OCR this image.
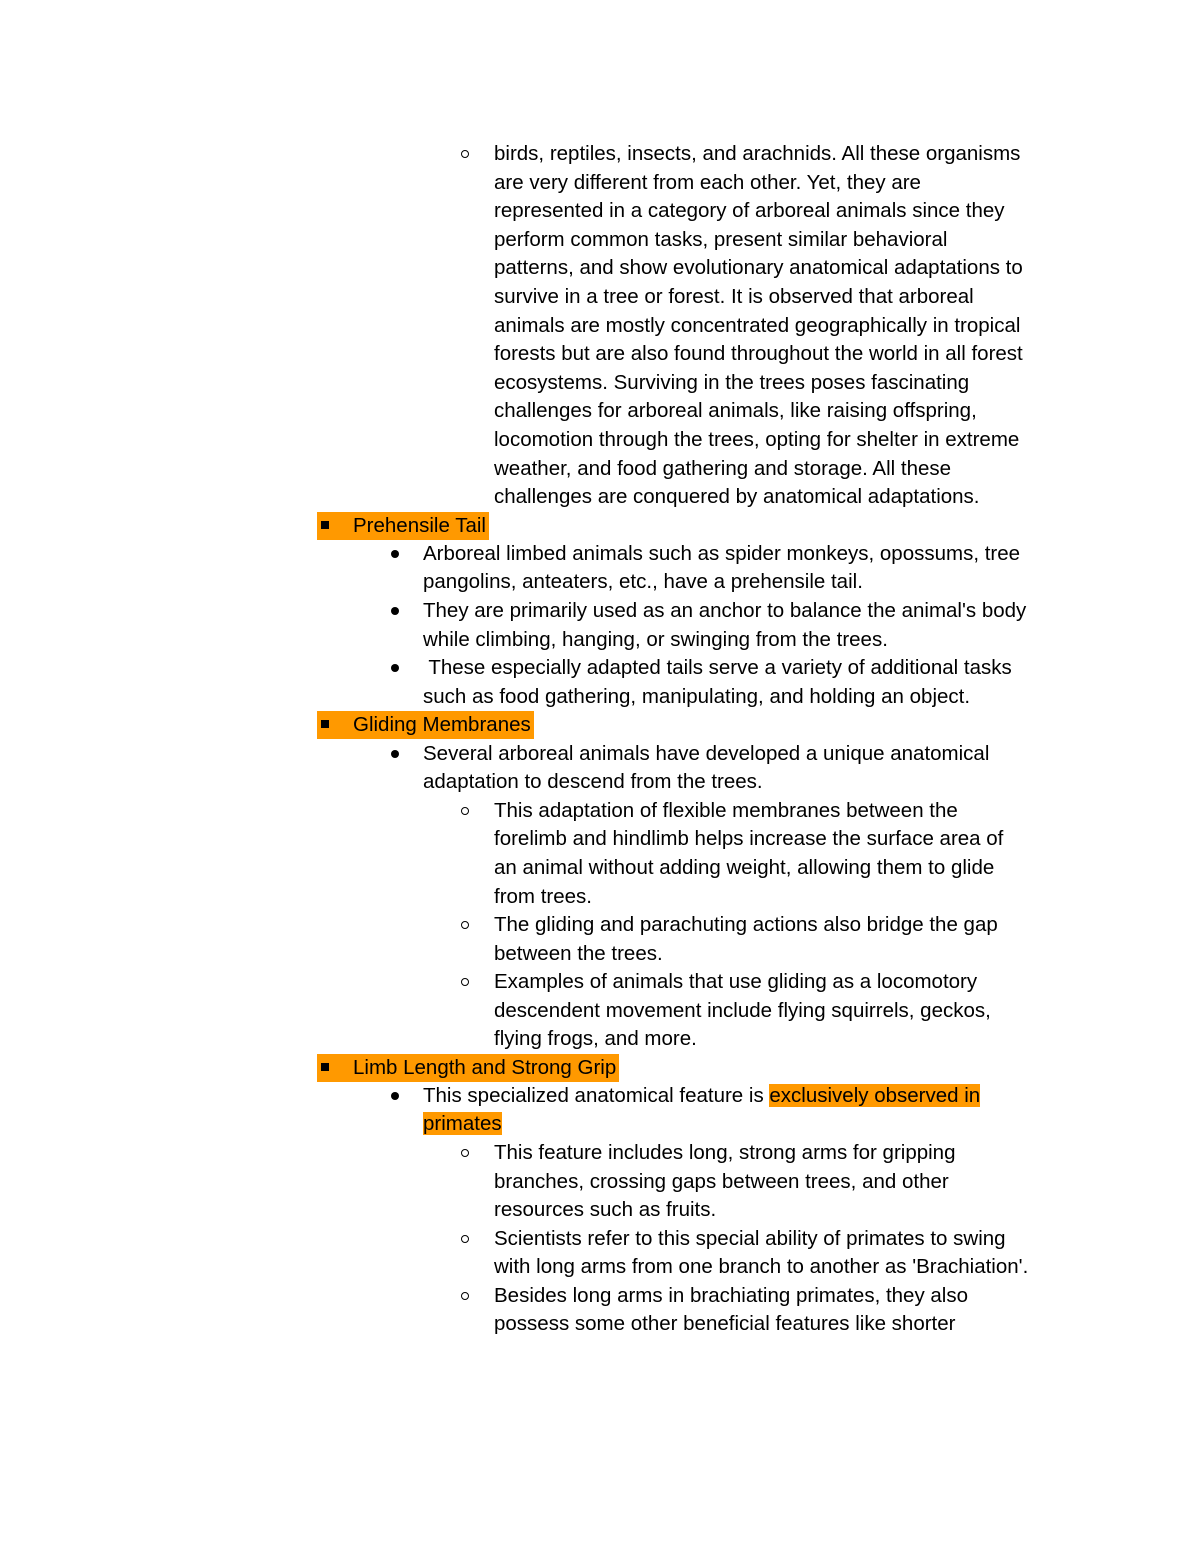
birds, reptiles, insects, and arachnids. All these organisms
are very different from each other. Yet, they are
represented in a category of arboreal animals since they
perform common tasks, present similar behavioral
patterns, and show evolutionary anatomical adaptations to
survive in a tree or forest. It is observed that arboreal
animals are mostly concentrated geographically in tropical
forests but are also found throughout the world in all forest
ecosystems. Surviving in the trees poses fascinating
challenges for arboreal animals, like raising offspring,
locomotion through the trees, opting for shelter in extreme
weather, and food gathering and storage. All these
challenges are conquered by anatomical adaptations.
Prehensile Tail
Arboreal limbed animals such as spider monkeys, opossums, tree
pangolins, anteaters, etc., have a prehensile tail.
They are primarily used as an anchor to balance the animal's body
while climbing, hanging, or swinging from the trees.
These especially adapted tails serve a variety of additional tasks
such as food gathering, manipulating, and holding an object.
Gliding Membranes
Several arboreal animals have developed a unique anatomical
adaptation to descend from the trees.
This adaptation of flexible membranes between the
forelimb and hindlimb helps increase the surface area of
an animal without adding weight, allowing them to glide
from trees.
The gliding and parachuting actions also bridge the gap
between the trees.
Examples of animals that use gliding as a locomotory
descendent movement include flying squirrels, geckos,
flying frogs, and more.
Limb Length and Strong Grip
This specialized anatomical feature is exclusively observed in
primates
This feature includes long, strong arms for gripping
branches, crossing gaps between trees, and other
resources such as fruits.
Scientists refer to this special ability of primates to swing
with long arms from one branch to another as 'Brachiation'.
Besides long arms in brachiating primates, they also
possess some other beneficial features like shorter
